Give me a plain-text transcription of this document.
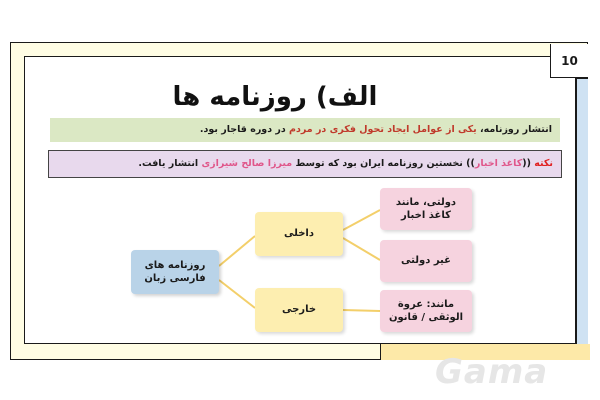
10
الف) روزنامه ها
انتشار روزنامه، یکی از عوامل ایجاد تحول فکری در مردم در دوره قاجار بود.
نکته ((کاغذ اخبار)) نخستین روزنامه ایران بود که توسط میرزا صالح شیرازی انتشار یافت.
روزنامه های فارسی زبان
داخلی
خارجی
دولتی، مانند کاغذ اخبار
غیر دولتی
مانند: عروة الوثقی / قانون
Gama
